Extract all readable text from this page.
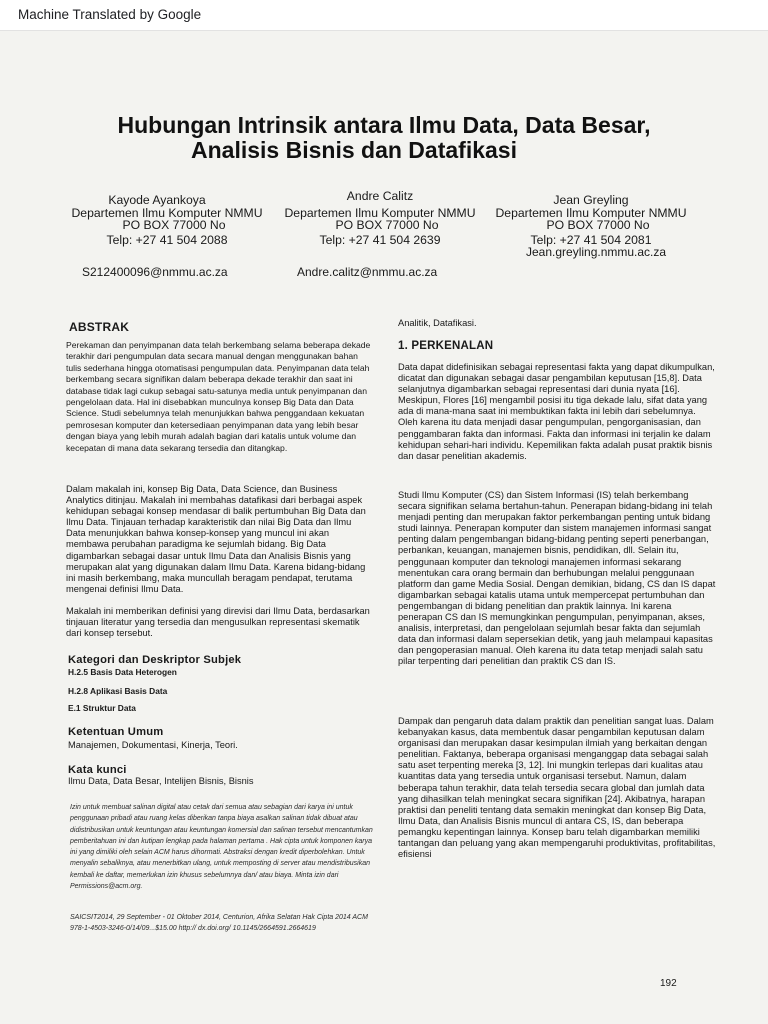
Machine Translated by Google
Hubungan Intrinsik antara Ilmu Data, Data Besar,
Analisis Bisnis dan Datafikasi
Kayode Ayankoya
Departemen Ilmu Komputer NMMU
PO BOX 77000 No
Telp: +27 41 504 2088
Andre Calitz
Departemen Ilmu Komputer NMMU
PO BOX 77000 No
Telp: +27 41 504 2639
Jean Greyling
Departemen Ilmu Komputer NMMU
PO BOX 77000 No
Telp: +27 41 504 2081
Jean.greyling.nmmu.ac.za
S212400096@nmmu.ac.za	Andre.calitz@nmmu.ac.za
ABSTRAK
Perekaman dan penyimpanan data telah berkembang selama beberapa dekade terakhir dari pengumpulan data secara manual dengan menggunakan bahan tulis sederhana hingga otomatisasi pengumpulan data. Penyimpanan data telah berkembang secara signifikan dalam beberapa dekade terakhir dan saat ini database tidak lagi cukup sebagai satu-satunya media untuk penyimpanan dan pengelolaan data. Hal ini disebabkan munculnya konsep Big Data dan Data Science. Studi sebelumnya telah menunjukkan bahwa penggandaan kekuatan pemrosesan komputer dan ketersediaan penyimpanan data yang lebih besar dengan biaya yang lebih murah adalah bagian dari katalis untuk volume dan kecepatan di mana data sekarang tersedia dan ditangkap.
Dalam makalah ini, konsep Big Data, Data Science, dan Business Analytics ditinjau. Makalah ini membahas datafikasi dari berbagai aspek kehidupan sebagai konsep mendasar di balik pertumbuhan Big Data dan Ilmu Data. Tinjauan terhadap karakteristik dan nilai Big Data dan Ilmu Data menunjukkan bahwa konsep-konsep yang muncul ini akan membawa perubahan paradigma ke sejumlah bidang. Big Data digambarkan sebagai dasar untuk Ilmu Data dan Analisis Bisnis yang merupakan alat yang digunakan dalam Ilmu Data. Karena bidang-bidang ini masih berkembang, maka muncullah beragam pendapat, terutama mengenai definisi Ilmu Data.
Makalah ini memberikan definisi yang direvisi dari Ilmu Data, berdasarkan tinjauan literatur yang tersedia dan mengusulkan representasi skematik dari konsep tersebut.
Kategori dan Deskriptor Subjek
H.2.5 Basis Data Heterogen
H.2.8 Aplikasi Basis Data
E.1 Struktur Data
Ketentuan Umum
Manajemen, Dokumentasi, Kinerja, Teori.
Kata kunci
Ilmu Data, Data Besar, Intelijen Bisnis, Bisnis
Izin untuk membuat salinan digital atau cetak dari semua atau sebagian dari karya ini untuk penggunaan pribadi atau ruang kelas diberikan tanpa biaya asalkan salinan tidak dibuat atau didistribusikan untuk keuntungan atau keuntungan komersial dan salinan tersebut mencantumkan pemberitahuan ini dan kutipan lengkap pada halaman pertama . Hak cipta untuk komponen karya ini yang dimiliki oleh selain ACM harus dihormati. Abstraksi dengan kredit diperbolehkan. Untuk menyalin sebaliknya, atau menerbitkan ulang, untuk memposting di server atau mendistribusikan kembali ke daftar, memerlukan izin khusus sebelumnya dan/ atau biaya. Minta izin dari Permissions@acm.org.
SAICSIT2014, 29 September - 01 Oktober 2014, Centurion, Afrika Selatan Hak Cipta 2014 ACM 978-1-4503-3246-0/14/09...$15.00 http:// dx.doi.org/ 10.1145/2664591.2664619
Analitik, Datafikasi.
1. PERKENALAN
Data dapat didefinisikan sebagai representasi fakta yang dapat dikumpulkan, dicatat dan digunakan sebagai dasar pengambilan keputusan [15,8]. Data selanjutnya digambarkan sebagai representasi dari dunia nyata [16]. Meskipun, Flores [16] mengambil posisi itu tiga dekade lalu, sifat data yang ada di mana-mana saat ini membuktikan fakta ini lebih dari sebelumnya. Oleh karena itu data menjadi dasar pengumpulan, pengorganisasian, dan penggambaran fakta dan informasi. Fakta dan informasi ini terjalin ke dalam kehidupan sehari-hari individu. Kepemilikan fakta adalah pusat praktik bisnis dan dasar penelitian akademis.
Studi Ilmu Komputer (CS) dan Sistem Informasi (IS) telah berkembang secara signifikan selama bertahun-tahun. Penerapan bidang-bidang ini telah menjadi penting dan merupakan faktor perkembangan penting untuk bidang studi lainnya. Penerapan komputer dan sistem manajemen informasi sangat penting dalam pengembangan bidang-bidang penting seperti penerbangan, perbankan, keuangan, manajemen bisnis, pendidikan, dll. Selain itu, penggunaan komputer dan teknologi manajemen informasi sekarang menentukan cara orang bermain dan berhubungan melalui penggunaan platform dan game Media Sosial. Dengan demikian, bidang, CS dan IS dapat digambarkan sebagai katalis utama untuk mempercepat pertumbuhan dan pengembangan di bidang penelitian dan praktik lainnya. Ini karena penerapan CS dan IS memungkinkan pengumpulan, penyimpanan, akses, analisis, interpretasi, dan pengelolaan sejumlah besar fakta dan sejumlah data dan informasi dalam sepersekian detik, yang jauh melampaui kapasitas dan pengoperasian manual. Oleh karena itu data tetap menjadi salah satu pilar terpenting dari penelitian dan praktik CS dan IS.
Dampak dan pengaruh data dalam praktik dan penelitian sangat luas. Dalam kebanyakan kasus, data membentuk dasar pengambilan keputusan dalam organisasi dan merupakan dasar kesimpulan ilmiah yang berkaitan dengan penelitian. Faktanya, beberapa organisasi menganggap data sebagai salah satu aset terpenting mereka [3, 12]. Ini mungkin terlepas dari kualitas atau kuantitas data yang tersedia untuk organisasi tersebut. Namun, dalam beberapa tahun terakhir, data telah tersedia secara global dan jumlah data yang dihasilkan telah meningkat secara signifikan [24]. Akibatnya, harapan praktisi dan peneliti tentang data semakin meningkat dan konsep Big Data, Ilmu Data, dan Analisis Bisnis muncul di antara CS, IS, dan beberapa pemangku kepentingan lainnya. Konsep baru telah digambarkan memiliki tantangan dan peluang yang akan mempengaruhi produktivitas, profitabilitas, efisiensi
192
